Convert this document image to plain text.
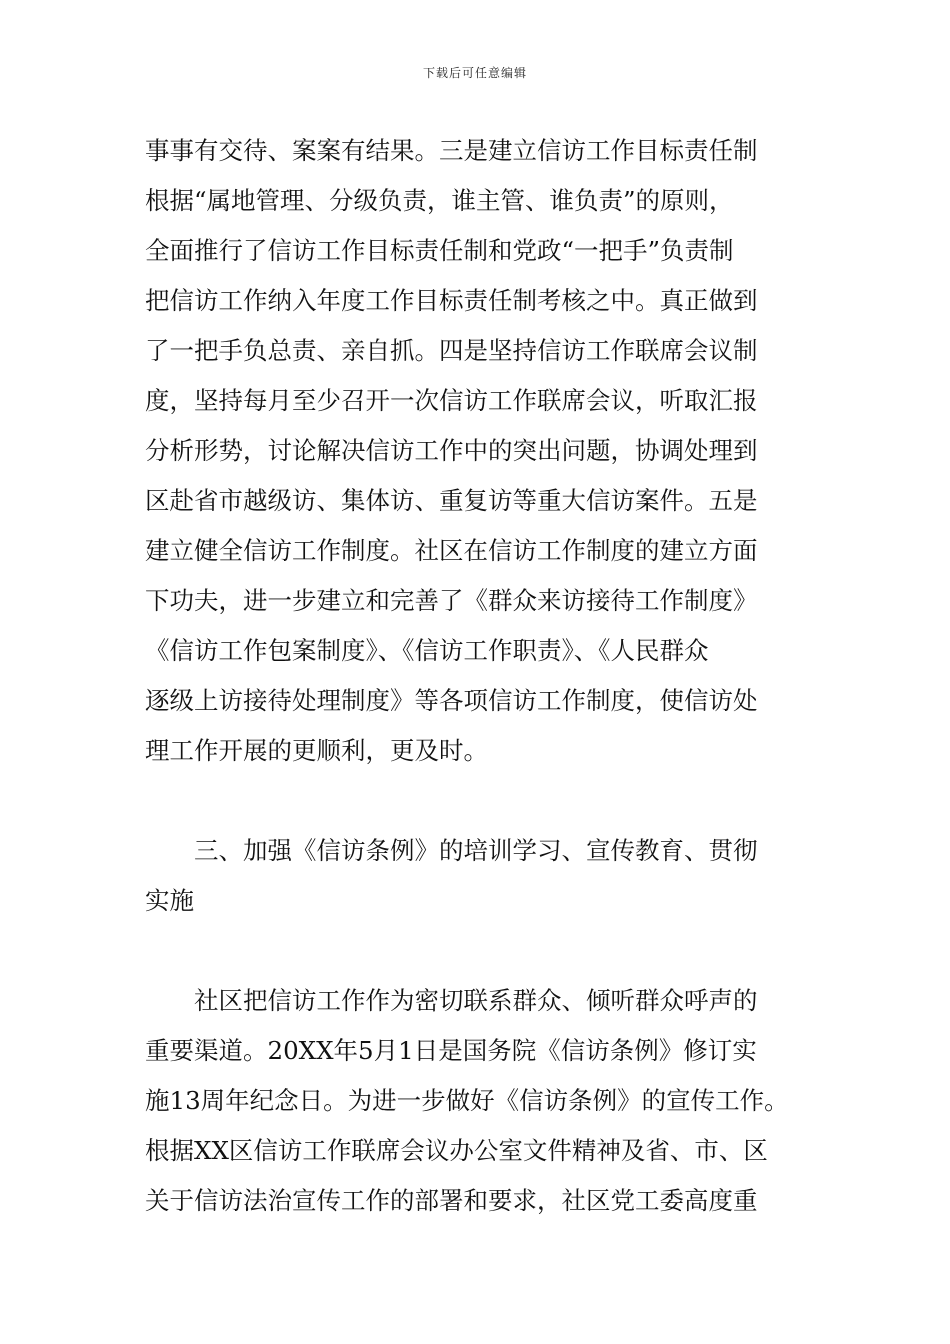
下载后可任意编辑
事事有交待、案案有结果。三是建立信访工作目标责任制
根据“属地管理、分级负责，谁主管、谁负责”的原则，
全面推行了信访工作目标责任制和党政“一把手”负责制
把信访工作纳入年度工作目标责任制考核之中。真正做到
了一把手负总责、亲自抓。四是坚持信访工作联席会议制
度，坚持每月至少召开一次信访工作联席会议，听取汇报
分析形势，讨论解决信访工作中的突出问题，协调处理到
区赴省市越级访、集体访、重复访等重大信访案件。五是
建立健全信访工作制度。社区在信访工作制度的建立方面
下功夫，进一步建立和完善了《群众来访接待工作制度》
《信访工作包案制度》、《信访工作职责》、《人民群众
逐级上访接待处理制度》等各项信访工作制度，使信访处
理工作开展的更顺利，更及时。
三、加强《信访条例》的培训学习、宣传教育、贯彻
实施
社区把信访工作作为密切联系群众、倾听群众呼声的
重要渠道。20XX年5月1日是国务院《信访条例》修订实
施13周年纪念日。为进一步做好《信访条例》的宣传工作。
根据XX区信访工作联席会议办公室文件精神及省、市、区
关于信访法治宣传工作的部署和要求，社区党工委高度重
